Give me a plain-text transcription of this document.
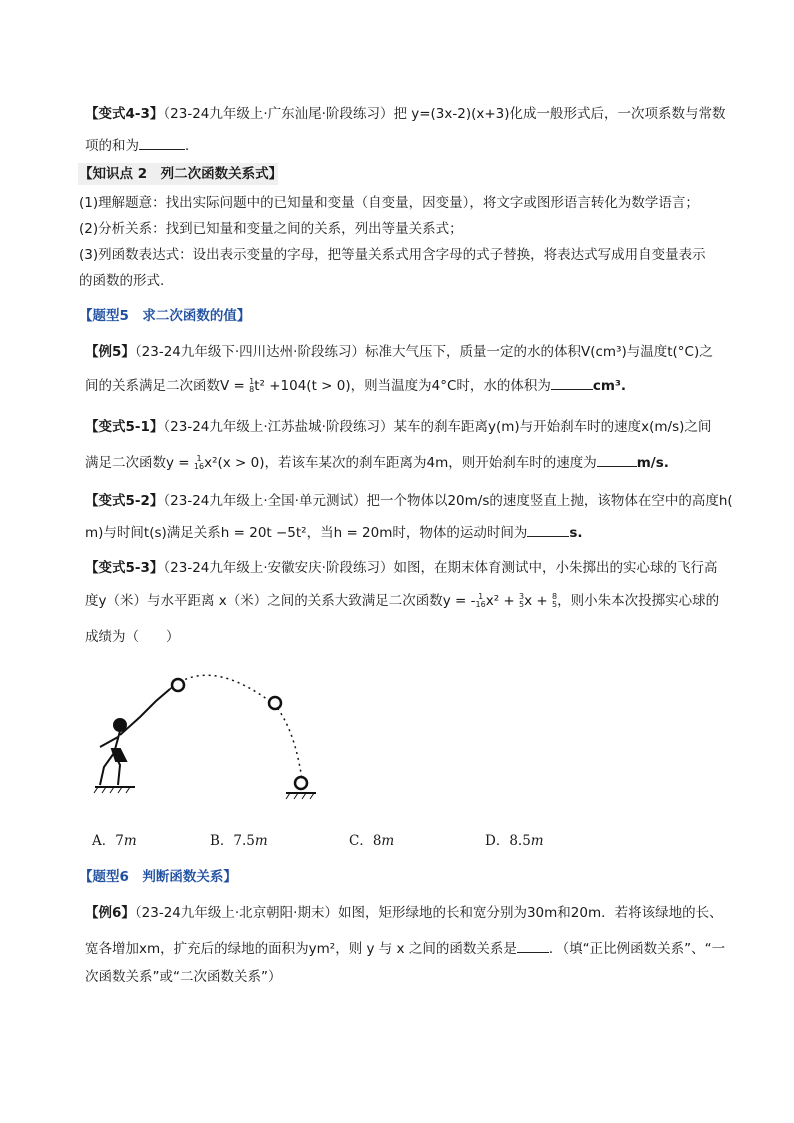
【变式4-3】（23-24九年级上·广东汕尾·阶段练习）把 y=(3x-2)(x+3)化成一般形式后，一次项系数与常数
项的和为	．
【知识点 2　列二次函数关系式】
(1)理解题意：找出实际问题中的已知量和变量（自变量，因变量），将文字或图形语言转化为数学语言；
(2)分析关系：找到已知量和变量之间的关系，列出等量关系式；
(3)列函数表达式：设出表示变量的字母，把等量关系式用含字母的式子替换，将表达式写成用自变量表示
的函数的形式.
【题型5　求二次函数的值】
【例5】（23-24九年级下·四川达州·阶段练习）标准大气压下，质量一定的水的体积V(cm³)与温度t(°C)之
间的关系满足二次函数V = 1
8t² +104(t > 0)，则当温度为4°C时，水的体积为	cm³.
【变式5-1】（23-24九年级上·江苏盐城·阶段练习）某车的刹车距离y(m)与开始刹车时的速度x(m/s)之间
满足二次函数y = 1
16x²(x > 0)，若该车某次的刹车距离为4m，则开始刹车时的速度为	m/s.
【变式5-2】（23-24九年级上·全国·单元测试）把一个物体以20m/s的速度竖直上抛，该物体在空中的高度h(
m)与时间t(s)满足关系h = 20t −5t²，当h = 20m时，物体的运动时间为	s.
【变式5-3】（23-24九年级上·安徽安庆·阶段练习）如图，在期末体育测试中，小朱掷出的实心球的飞行高
度y（米）与水平距离 x（米）之间的关系大致满足二次函数y = - 1
16x² + 3
5x + 8
5，则小朱本次投掷实心球的
成绩为（　　）
A．7m	B．7.5m	C．8m	D．8.5m
【题型6　判断函数关系】
【例6】（23-24九年级上·北京朝阳·期末）如图，矩形绿地的长和宽分别为30m和20m．若将该绿地的长、
宽各增加xm，扩充后的绿地的面积为ym²，则 y 与 x 之间的函数关系是 ．（填“正比例函数关系”、“一
次函数关系”或“二次函数关系”）
